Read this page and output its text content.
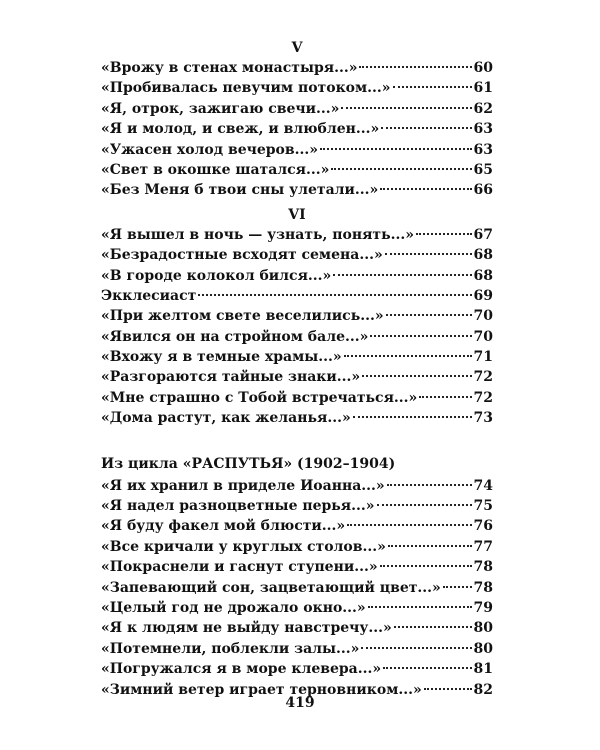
V
«Врожу в стенах монастыря...»	60
«Пробивалась певучим потоком...»	61
«Я, отрок, зажигаю свечи...»	62
«Я и молод, и свеж, и влюблен...»	63
«Ужасен холод вечеров...»	63
«Свет в окошке шатался...»	65
«Без Меня б твои сны улетали...»	66
VI
«Я вышел в ночь — узнать, понять...»	67
«Безрадостные всходят семена...»	68
«В городе колокол бился...»	68
Экклесиаст	69
«При желтом свете веселились...»	70
«Явился он на стройном бале...»	70
«Вхожу я в темные храмы...»	71
«Разгораются тайные знаки...»	72
«Мне страшно с Тобой встречаться...»	72
«Дома растут, как желанья...»	73
Из цикла «РАСПУТЬЯ» (1902–1904)
«Я их хранил в приделе Иоанна...»	74
«Я надел разноцветные перья...»	75
«Я буду факел мой блюсти...»	76
«Все кричали у круглых столов...»	77
«Покраснели и гаснут ступени...»	78
«Запевающий сон, зацветающий цвет...» 78
«Целый год не дрожало окно...»	79
«Я к людям не выйду навстречу...»	80
«Потемнели, поблекли залы...»	80
«Погружался я в море клевера...»	81
«Зимний ветер играет терновником...»	82
419
